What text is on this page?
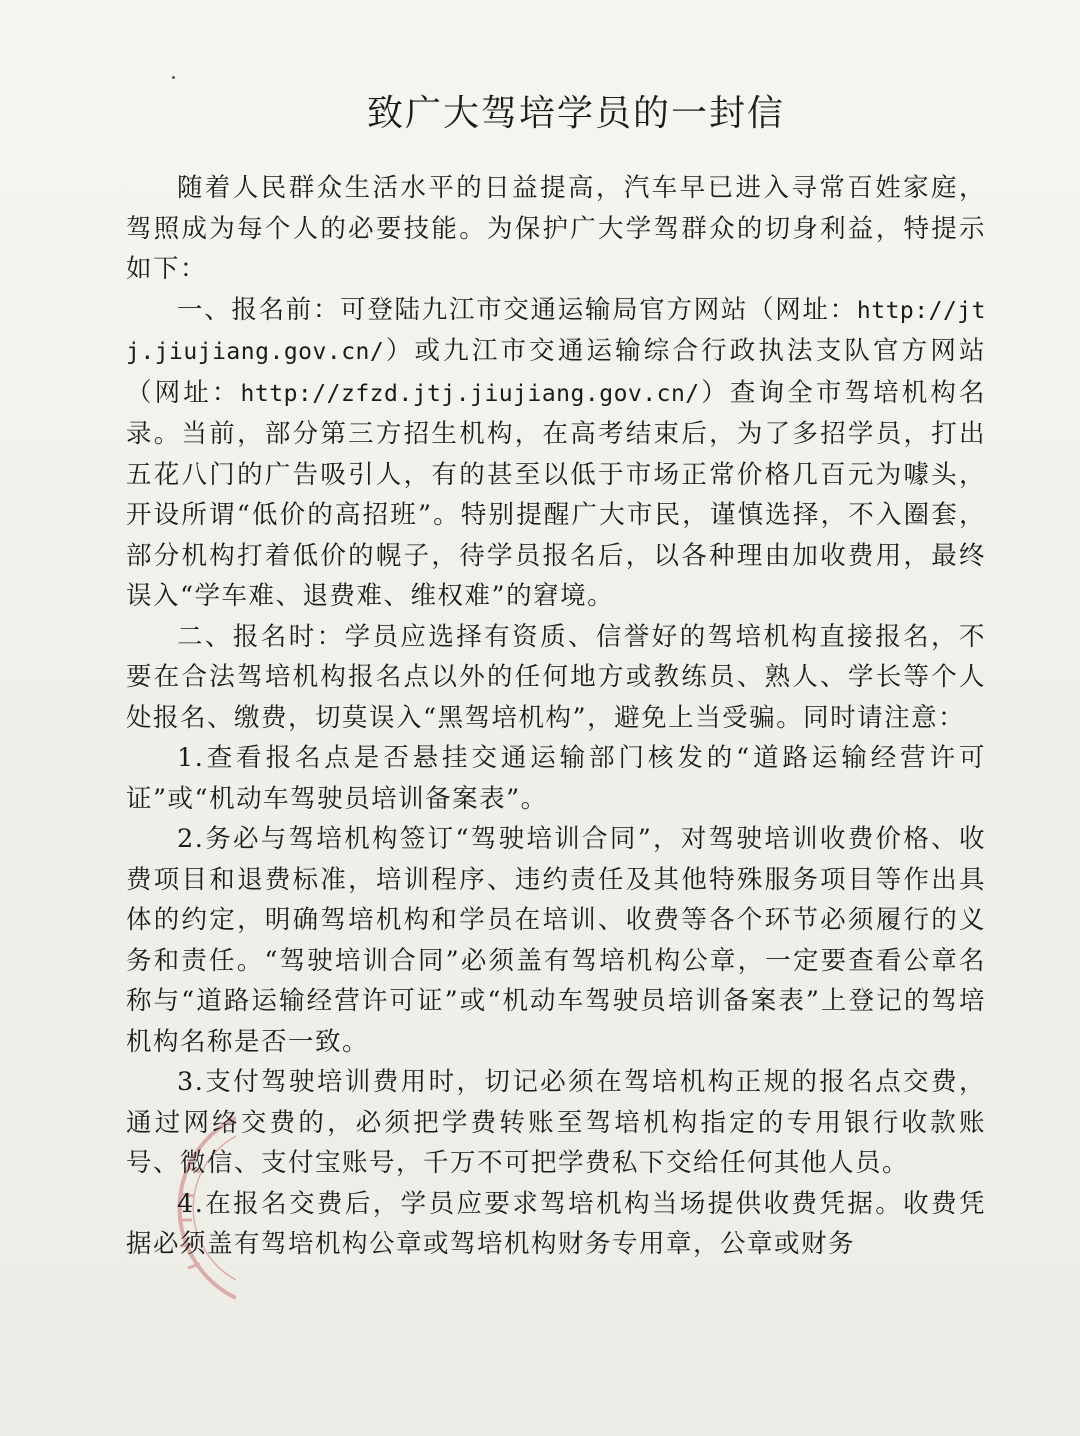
致广大驾培学员的一封信

随着人民群众生活水平的日益提高，汽车早已进入寻常百姓家庭，驾照成为每个人的必要技能。为保护广大学驾群众的切身利益，特提示如下：

一、报名前：可登陆九江市交通运输局官方网站（网址：http://jtj.jiujiang.gov.cn/）或九江市交通运输综合行政执法支队官方网站（网址：http://zfzd.jtj.jiujiang.gov.cn/）查询全市驾培机构名录。当前，部分第三方招生机构，在高考结束后，为了多招学员，打出五花八门的广告吸引人，有的甚至以低于市场正常价格几百元为噱头，开设所谓“低价的高招班”。特别提醒广大市民，谨慎选择，不入圈套，部分机构打着低价的幌子，待学员报名后，以各种理由加收费用，最终误入“学车难、退费难、维权难”的窘境。

二、报名时：学员应选择有资质、信誉好的驾培机构直接报名，不要在合法驾培机构报名点以外的任何地方或教练员、熟人、学长等个人处报名、缴费，切莫误入“黑驾培机构”，避免上当受骗。同时请注意：

1.查看报名点是否悬挂交通运输部门核发的“道路运输经营许可证”或“机动车驾驶员培训备案表”。

2.务必与驾培机构签订“驾驶培训合同”，对驾驶培训收费价格、收费项目和退费标准，培训程序、违约责任及其他特殊服务项目等作出具体的约定，明确驾培机构和学员在培训、收费等各个环节必须履行的义务和责任。“驾驶培训合同”必须盖有驾培机构公章，一定要查看公章名称与“道路运输经营许可证”或“机动车驾驶员培训备案表”上登记的驾培机构名称是否一致。

3.支付驾驶培训费用时，切记必须在驾培机构正规的报名点交费，通过网络交费的，必须把学费转账至驾培机构指定的专用银行收款账号、微信、支付宝账号，千万不可把学费私下交给任何其他人员。

4.在报名交费后，学员应要求驾培机构当场提供收费凭据。收费凭据必须盖有驾培机构公章或驾培机构财务专用章，公章或财务
